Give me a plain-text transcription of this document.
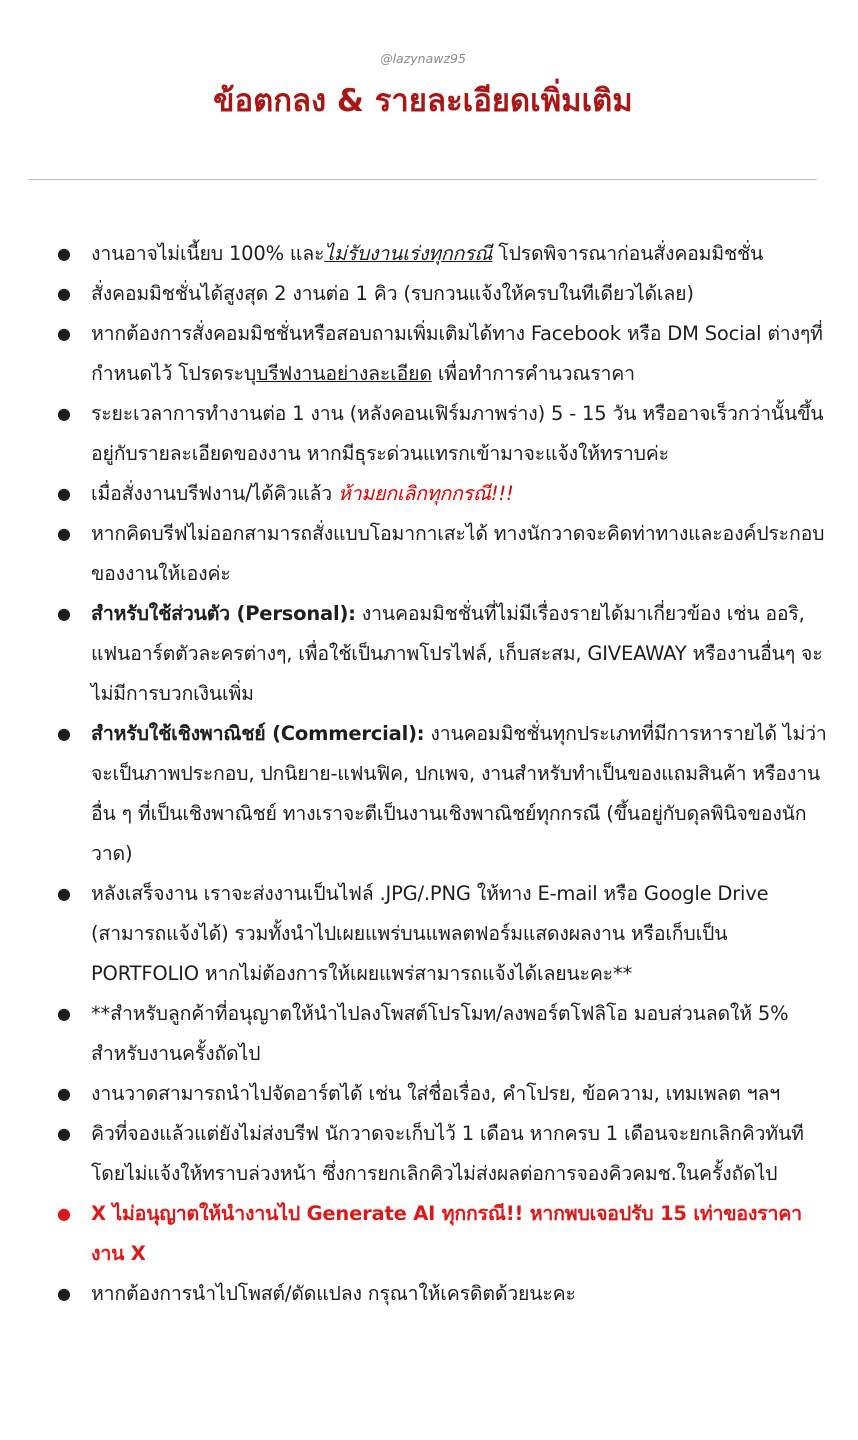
@lazynawz95
ข้อตกลง & รายละเอียดเพิ่มเติม
● งานอาจไม่เนี้ยบ 100% และไม่รับงานเร่งทุกกรณี โปรดพิจารณาก่อนสั่งคอมมิชชั่น
● สั่งคอมมิชชั่นได้สูงสุด 2 งานต่อ 1 คิว (รบกวนแจ้งให้ครบในทีเดียวได้เลย)
● หากต้องการสั่งคอมมิชชั่นหรือสอบถามเพิ่มเติมได้ทาง Facebook หรือ DM Social ต่างๆที่กำหนดไว้ โปรดระบุบรีฟงานอย่างละเอียด เพื่อทำการคำนวณราคา
● ระยะเวลาการทำงานต่อ 1 งาน (หลังคอนเฟิร์มภาพร่าง) 5 - 15 วัน หรืออาจเร็วกว่านั้นขึ้นอยู่กับรายละเอียดของงาน หากมีธุระด่วนแทรกเข้ามาจะแจ้งให้ทราบค่ะ
● เมื่อสั่งงานบรีฟงาน/ได้คิวแล้ว ห้ามยกเลิกทุกกรณี!!!
● หากคิดบรีฟไม่ออกสามารถสั่งแบบโอมากาเสะได้ ทางนักวาดจะคิดท่าทางและองค์ประกอบของงานให้เองค่ะ
● สำหรับใช้ส่วนตัว (Personal): งานคอมมิชชั่นที่ไม่มีเรื่องรายได้มาเกี่ยวข้อง เช่น ออริ, แฟนอาร์ตตัวละครต่างๆ, เพื่อใช้เป็นภาพโปรไฟล์, เก็บสะสม, GIVEAWAY หรืองานอื่นๆ จะไม่มีการบวกเงินเพิ่ม
● สำหรับใช้เชิงพาณิชย์ (Commercial): งานคอมมิชชั่นทุกประเภทที่มีการหารายได้ ไม่ว่าจะเป็นภาพประกอบ, ปกนิยาย-แฟนฟิค, ปกเพจ, งานสำหรับทำเป็นของแถมสินค้า หรืองานอื่น ๆ ที่เป็นเชิงพาณิชย์ ทางเราจะตีเป็นงานเชิงพาณิชย์ทุกกรณี (ขึ้นอยู่กับดุลพินิจของนักวาด)
● หลังเสร็จงาน เราจะส่งงานเป็นไฟล์ .JPG/.PNG ให้ทาง E-mail หรือ Google Drive (สามารถแจ้งได้) รวมทั้งนำไปเผยแพร่บนแพลตฟอร์มแสดงผลงาน หรือเก็บเป็น PORTFOLIO หากไม่ต้องการให้เผยแพร่สามารถแจ้งได้เลยนะคะ**
● **สำหรับลูกค้าที่อนุญาตให้นำไปลงโพสต์โปรโมท/ลงพอร์ตโฟลิโอ มอบส่วนลดให้ 5% สำหรับงานครั้งถัดไป
● งานวาดสามารถนำไปจัดอาร์ตได้ เช่น ใส่ชื่อเรื่อง, คำโปรย, ข้อความ, เทมเพลต ฯลฯ
● คิวที่จองแล้วแต่ยังไม่ส่งบรีฟ นักวาดจะเก็บไว้ 1 เดือน หากครบ 1 เดือนจะยกเลิกคิวทันทีโดยไม่แจ้งให้ทราบล่วงหน้า ซึ่งการยกเลิกคิวไม่ส่งผลต่อการจองคิวคมช.ในครั้งถัดไป
● X ไม่อนุญาตให้นำงานไป Generate AI ทุกกรณี!! หากพบเจอปรับ 15 เท่าของราคางาน X
● หากต้องการนำไปโพสต์/ดัดแปลง กรุณาให้เครดิตด้วยนะคะ
